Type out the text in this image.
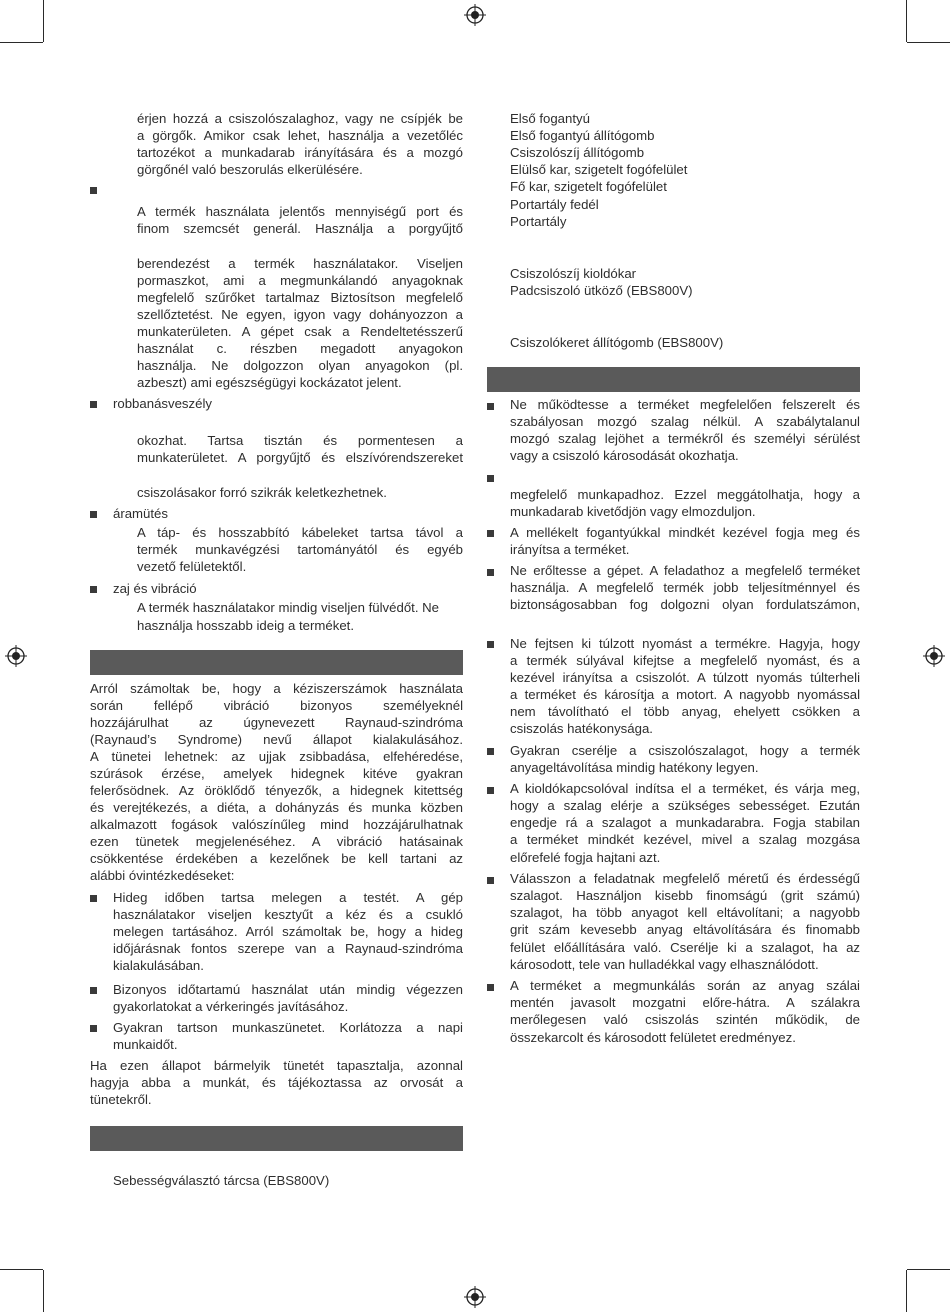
érjen hozzá a csiszolószalaghoz, vagy ne csípjék be
a görgők. Amikor csak lehet, használja a vezetőléc
tartozékot a munkadarab irányítására és a mozgó
görgőnél való beszorulás elkerülésére.
A termék használata jelentős mennyiségű port és
finom szemcsét generál. Használja a porgyűjtő
berendezést a termék használatakor. Viseljen
pormaszkot, ami a megmunkálandó anyagoknak
megfelelő szűrőket tartalmaz Biztosítson megfelelő
szellőztetést. Ne egyen, igyon vagy dohányozzon a
munkaterületen. A gépet csak a Rendeltetésszerű
használat c. részben megadott anyagokon
használja. Ne dolgozzon olyan anyagokon (pl.
azbeszt) ami egészségügyi kockázatot jelent.
robbanásveszély
okozhat. Tartsa tisztán és pormentesen a
munkaterületet. A porgyűjtő és elszívórendszereket
csiszolásakor forró szikrák keletkezhetnek.
áramütés
A táp- és hosszabbító kábeleket tartsa távol a
termék munkavégzési tartományától és egyéb
vezető felületektől.
zaj és vibráció
A termék használatakor mindig viseljen fülvédőt. Ne
használja hosszabb ideig a terméket.
Arról számoltak be, hogy a kéziszerszámok használata
során fellépő vibráció bizonyos személyeknél
hozzájárulhat az úgynevezett Raynaud-szindróma
(Raynaud’s Syndrome) nevű állapot kialakulásához.
A tünetei lehetnek: az ujjak zsibbadása, elfehéredése,
szúrások érzése, amelyek hidegnek kitéve gyakran
felerősödnek. Az öröklődő tényezők, a hidegnek kitettség
és verejtékezés, a diéta, a dohányzás és munka közben
alkalmazott fogások valószínűleg mind hozzájárulhatnak
ezen tünetek megjelenéséhez. A vibráció hatásainak
csökkentése érdekében a kezelőnek be kell tartani az
alábbi óvintézkedéseket:
Hideg időben tartsa melegen a testét. A gép
használatakor viseljen kesztyűt a kéz és a csukló
melegen tartásához. Arról számoltak be, hogy a hideg
időjárásnak fontos szerepe van a Raynaud-szindróma
kialakulásában.
Bizonyos időtartamú használat után mindig végezzen
gyakorlatokat a vérkeringés javításához.
Gyakran tartson munkaszünetet. Korlátozza a napi
munkaidőt.
Ha ezen állapot bármelyik tünetét tapasztalja, azonnal
hagyja abba a munkát, és tájékoztassa az orvosát a
tünetekről.
Sebességválasztó tárcsa (EBS800V)
Első fogantyú
Első fogantyú állítógomb
Csiszolószíj állítógomb
Elülső kar, szigetelt fogófelület
Fő kar, szigetelt fogófelület
Portartály fedél
Portartály
Csiszolószíj kioldókar
Padcsiszoló ütköző (EBS800V)
Csiszolókeret állítógomb (EBS800V)
Ne működtesse a terméket megfelelően felszerelt és
szabályosan mozgó szalag nélkül. A szabálytalanul
mozgó szalag lejöhet a termékről és személyi sérülést
vagy a csiszoló károsodását okozhatja.
megfelelő munkapadhoz. Ezzel meggátolhatja, hogy a
munkadarab kivetődjön vagy elmozduljon.
A mellékelt fogantyúkkal mindkét kezével fogja meg és
irányítsa a terméket.
Ne erőltesse a gépet. A feladathoz a megfelelő terméket
használja. A megfelelő termék jobb teljesítménnyel és
biztonságosabban fog dolgozni olyan fordulatszámon,
Ne fejtsen ki túlzott nyomást a termékre. Hagyja, hogy
a termék súlyával kifejtse a megfelelő nyomást, és a
kezével irányítsa a csiszolót. A túlzott nyomás túlterheli
a terméket és károsítja a motort. A nagyobb nyomással
nem távolítható el több anyag, ehelyett csökken a
csiszolás hatékonysága.
Gyakran cserélje a csiszolószalagot, hogy a termék
anyageltávolítása mindig hatékony legyen.
A kioldókapcsolóval indítsa el a terméket, és várja meg,
hogy a szalag elérje a szükséges sebességet. Ezután
engedje rá a szalagot a munkadarabra. Fogja stabilan
a terméket mindkét kezével, mivel a szalag mozgása
előrefelé fogja hajtani azt.
Válasszon a feladatnak megfelelő méretű és érdességű
szalagot. Használjon kisebb finomságú (grit számú)
szalagot, ha több anyagot kell eltávolítani; a nagyobb
grit szám kevesebb anyag eltávolítására és finomabb
felület előállítására való. Cserélje ki a szalagot, ha az
károsodott, tele van hulladékkal vagy elhasználódott.
A terméket a megmunkálás során az anyag szálai
mentén javasolt mozgatni előre-hátra. A szálakra
merőlegesen való csiszolás szintén működik, de
összekarcolt és károsodott felületet eredményez.
